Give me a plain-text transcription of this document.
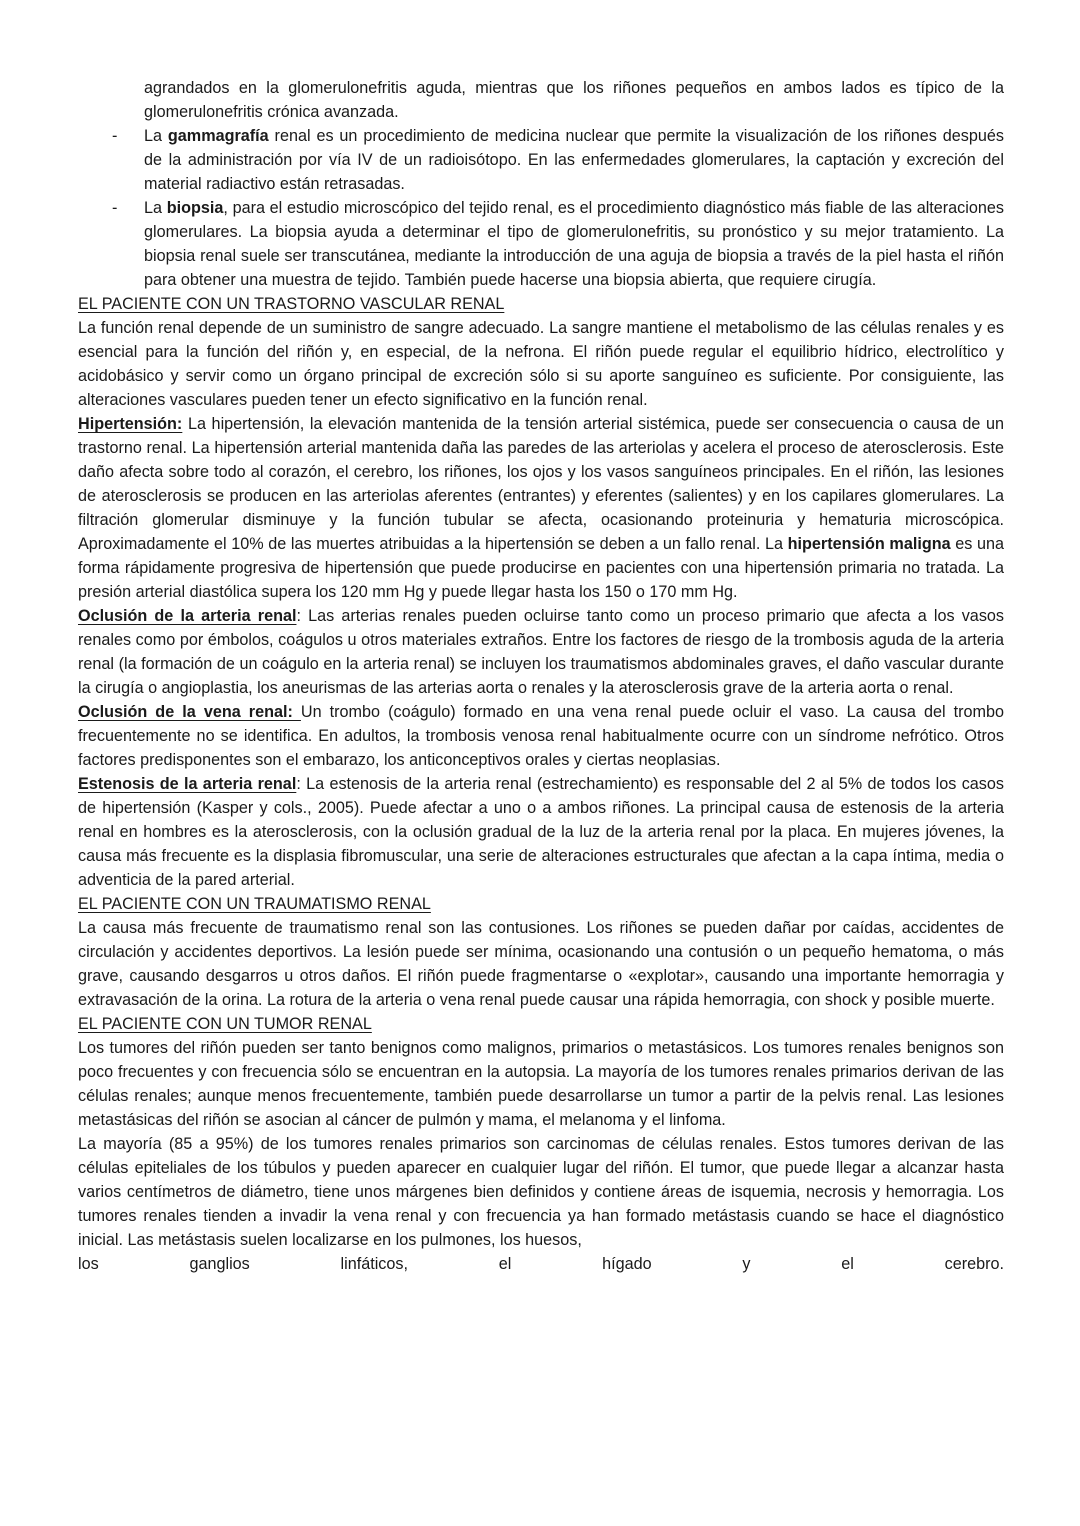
agrandados en la glomerulonefritis aguda, mientras que los riñones pequeños en ambos lados es típico de la glomerulonefritis crónica avanzada.

- La gammagrafía renal es un procedimiento de medicina nuclear que permite la visualización de los riñones después de la administración por vía IV de un radioisótopo. En las enfermedades glomerulares, la captación y excreción del material radiactivo están retrasadas.

- La biopsia, para el estudio microscópico del tejido renal, es el procedimiento diagnóstico más fiable de las alteraciones glomerulares. La biopsia ayuda a determinar el tipo de glomerulonefritis, su pronóstico y su mejor tratamiento. La biopsia renal suele ser transcutánea, mediante la introducción de una aguja de biopsia a través de la piel hasta el riñón para obtener una muestra de tejido. También puede hacerse una biopsia abierta, que requiere cirugía.

EL PACIENTE CON UN TRASTORNO VASCULAR RENAL

La función renal depende de un suministro de sangre adecuado. La sangre mantiene el metabolismo de las células renales y es esencial para la función del riñón y, en especial, de la nefrona. El riñón puede regular el equilibrio hídrico, electrolítico y acidobásico y servir como un órgano principal de excreción sólo si su aporte sanguíneo es suficiente. Por consiguiente, las alteraciones vasculares pueden tener un efecto significativo en la función renal.

Hipertensión: La hipertensión, la elevación mantenida de la tensión arterial sistémica, puede ser consecuencia o causa de un trastorno renal. La hipertensión arterial mantenida daña las paredes de las arteriolas y acelera el proceso de aterosclerosis. Este daño afecta sobre todo al corazón, el cerebro, los riñones, los ojos y los vasos sanguíneos principales. En el riñón, las lesiones de aterosclerosis se producen en las arteriolas aferentes (entrantes) y eferentes (salientes) y en los capilares glomerulares. La filtración glomerular disminuye y la función tubular se afecta, ocasionando proteinuria y hematuria microscópica. Aproximadamente el 10% de las muertes atribuidas a la hipertensión se deben a un fallo renal. La hipertensión maligna es una forma rápidamente progresiva de hipertensión que puede producirse en pacientes con una hipertensión primaria no tratada. La presión arterial diastólica supera los 120 mm Hg y puede llegar hasta los 150 o 170 mm Hg.

Oclusión de la arteria renal: Las arterias renales pueden ocluirse tanto como un proceso primario que afecta a los vasos renales como por émbolos, coágulos u otros materiales extraños. Entre los factores de riesgo de la trombosis aguda de la arteria renal (la formación de un coágulo en la arteria renal) se incluyen los traumatismos abdominales graves, el daño vascular durante la cirugía o angioplastia, los aneurismas de las arterias aorta o renales y la aterosclerosis grave de la arteria aorta o renal.

Oclusión de la vena renal: Un trombo (coágulo) formado en una vena renal puede ocluir el vaso. La causa del trombo frecuentemente no se identifica. En adultos, la trombosis venosa renal habitualmente ocurre con un síndrome nefrótico. Otros factores predisponentes son el embarazo, los anticonceptivos orales y ciertas neoplasias.

Estenosis de la arteria renal: La estenosis de la arteria renal (estrechamiento) es responsable del 2 al 5% de todos los casos de hipertensión (Kasper y cols., 2005). Puede afectar a uno o a ambos riñones. La principal causa de estenosis de la arteria renal en hombres es la aterosclerosis, con la oclusión gradual de la luz de la arteria renal por la placa. En mujeres jóvenes, la causa más frecuente es la displasia fibromuscular, una serie de alteraciones estructurales que afectan a la capa íntima, media o adventicia de la pared arterial.

EL PACIENTE CON UN TRAUMATISMO RENAL

La causa más frecuente de traumatismo renal son las contusiones. Los riñones se pueden dañar por caídas, accidentes de circulación y accidentes deportivos. La lesión puede ser mínima, ocasionando una contusión o un pequeño hematoma, o más grave, causando desgarros u otros daños. El riñón puede fragmentarse o «explotar», causando una importante hemorragia y extravasación de la orina. La rotura de la arteria o vena renal puede causar una rápida hemorragia, con shock y posible muerte.

EL PACIENTE CON UN TUMOR RENAL

Los tumores del riñón pueden ser tanto benignos como malignos, primarios o metastásicos. Los tumores renales benignos son poco frecuentes y con frecuencia sólo se encuentran en la autopsia. La mayoría de los tumores renales primarios derivan de las células renales; aunque menos frecuentemente, también puede desarrollarse un tumor a partir de la pelvis renal. Las lesiones metastásicas del riñón se asocian al cáncer de pulmón y mama, el melanoma y el linfoma.

La mayoría (85 a 95%) de los tumores renales primarios son carcinomas de células renales. Estos tumores derivan de las células epiteliales de los túbulos y pueden aparecer en cualquier lugar del riñón. El tumor, que puede llegar a alcanzar hasta varios centímetros de diámetro, tiene unos márgenes bien definidos y contiene áreas de isquemia, necrosis y hemorragia. Los tumores renales tienden a invadir la vena renal y con frecuencia ya han formado metástasis cuando se hace el diagnóstico inicial. Las metástasis suelen localizarse en los pulmones, los huesos,

los ganglios linfáticos, el hígado y el cerebro.
